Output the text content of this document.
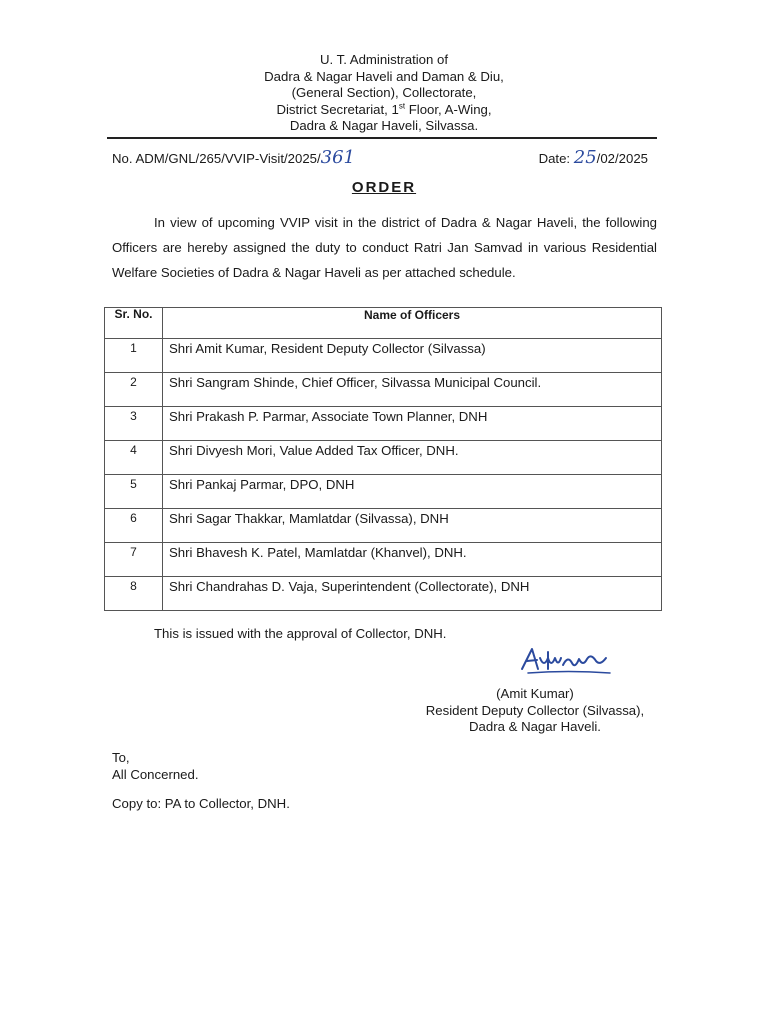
U. T. Administration of
Dadra & Nagar Haveli and Daman & Diu,
(General Section), Collectorate,
District Secretariat, 1st Floor, A-Wing,
Dadra & Nagar Haveli, Silvassa.
No. ADM/GNL/265/VVIP-Visit/2025/361	Date: 25/02/2025
ORDER

In view of upcoming VVIP visit in the district of Dadra & Nagar Haveli, the following Officers are hereby assigned the duty to conduct Ratri Jan Samvad in various Residential Welfare Societies of Dadra & Nagar Haveli as per attached schedule.

Sr. No.	Name of Officers
1	Shri Amit Kumar, Resident Deputy Collector (Silvassa)
2	Shri Sangram Shinde, Chief Officer, Silvassa Municipal Council.
3	Shri Prakash P. Parmar, Associate Town Planner, DNH
4	Shri Divyesh Mori, Value Added Tax Officer, DNH.
5	Shri Pankaj Parmar, DPO, DNH
6	Shri Sagar Thakkar, Mamlatdar (Silvassa), DNH
7	Shri Bhavesh K. Patel, Mamlatdar (Khanvel), DNH.
8	Shri Chandrahas D. Vaja, Superintendent (Collectorate), DNH
This is issued with the approval of Collector, DNH.
(Amit Kumar)
Resident Deputy Collector (Silvassa),
Dadra & Nagar Haveli.
To,
All Concerned.
Copy to: PA to Collector, DNH.
